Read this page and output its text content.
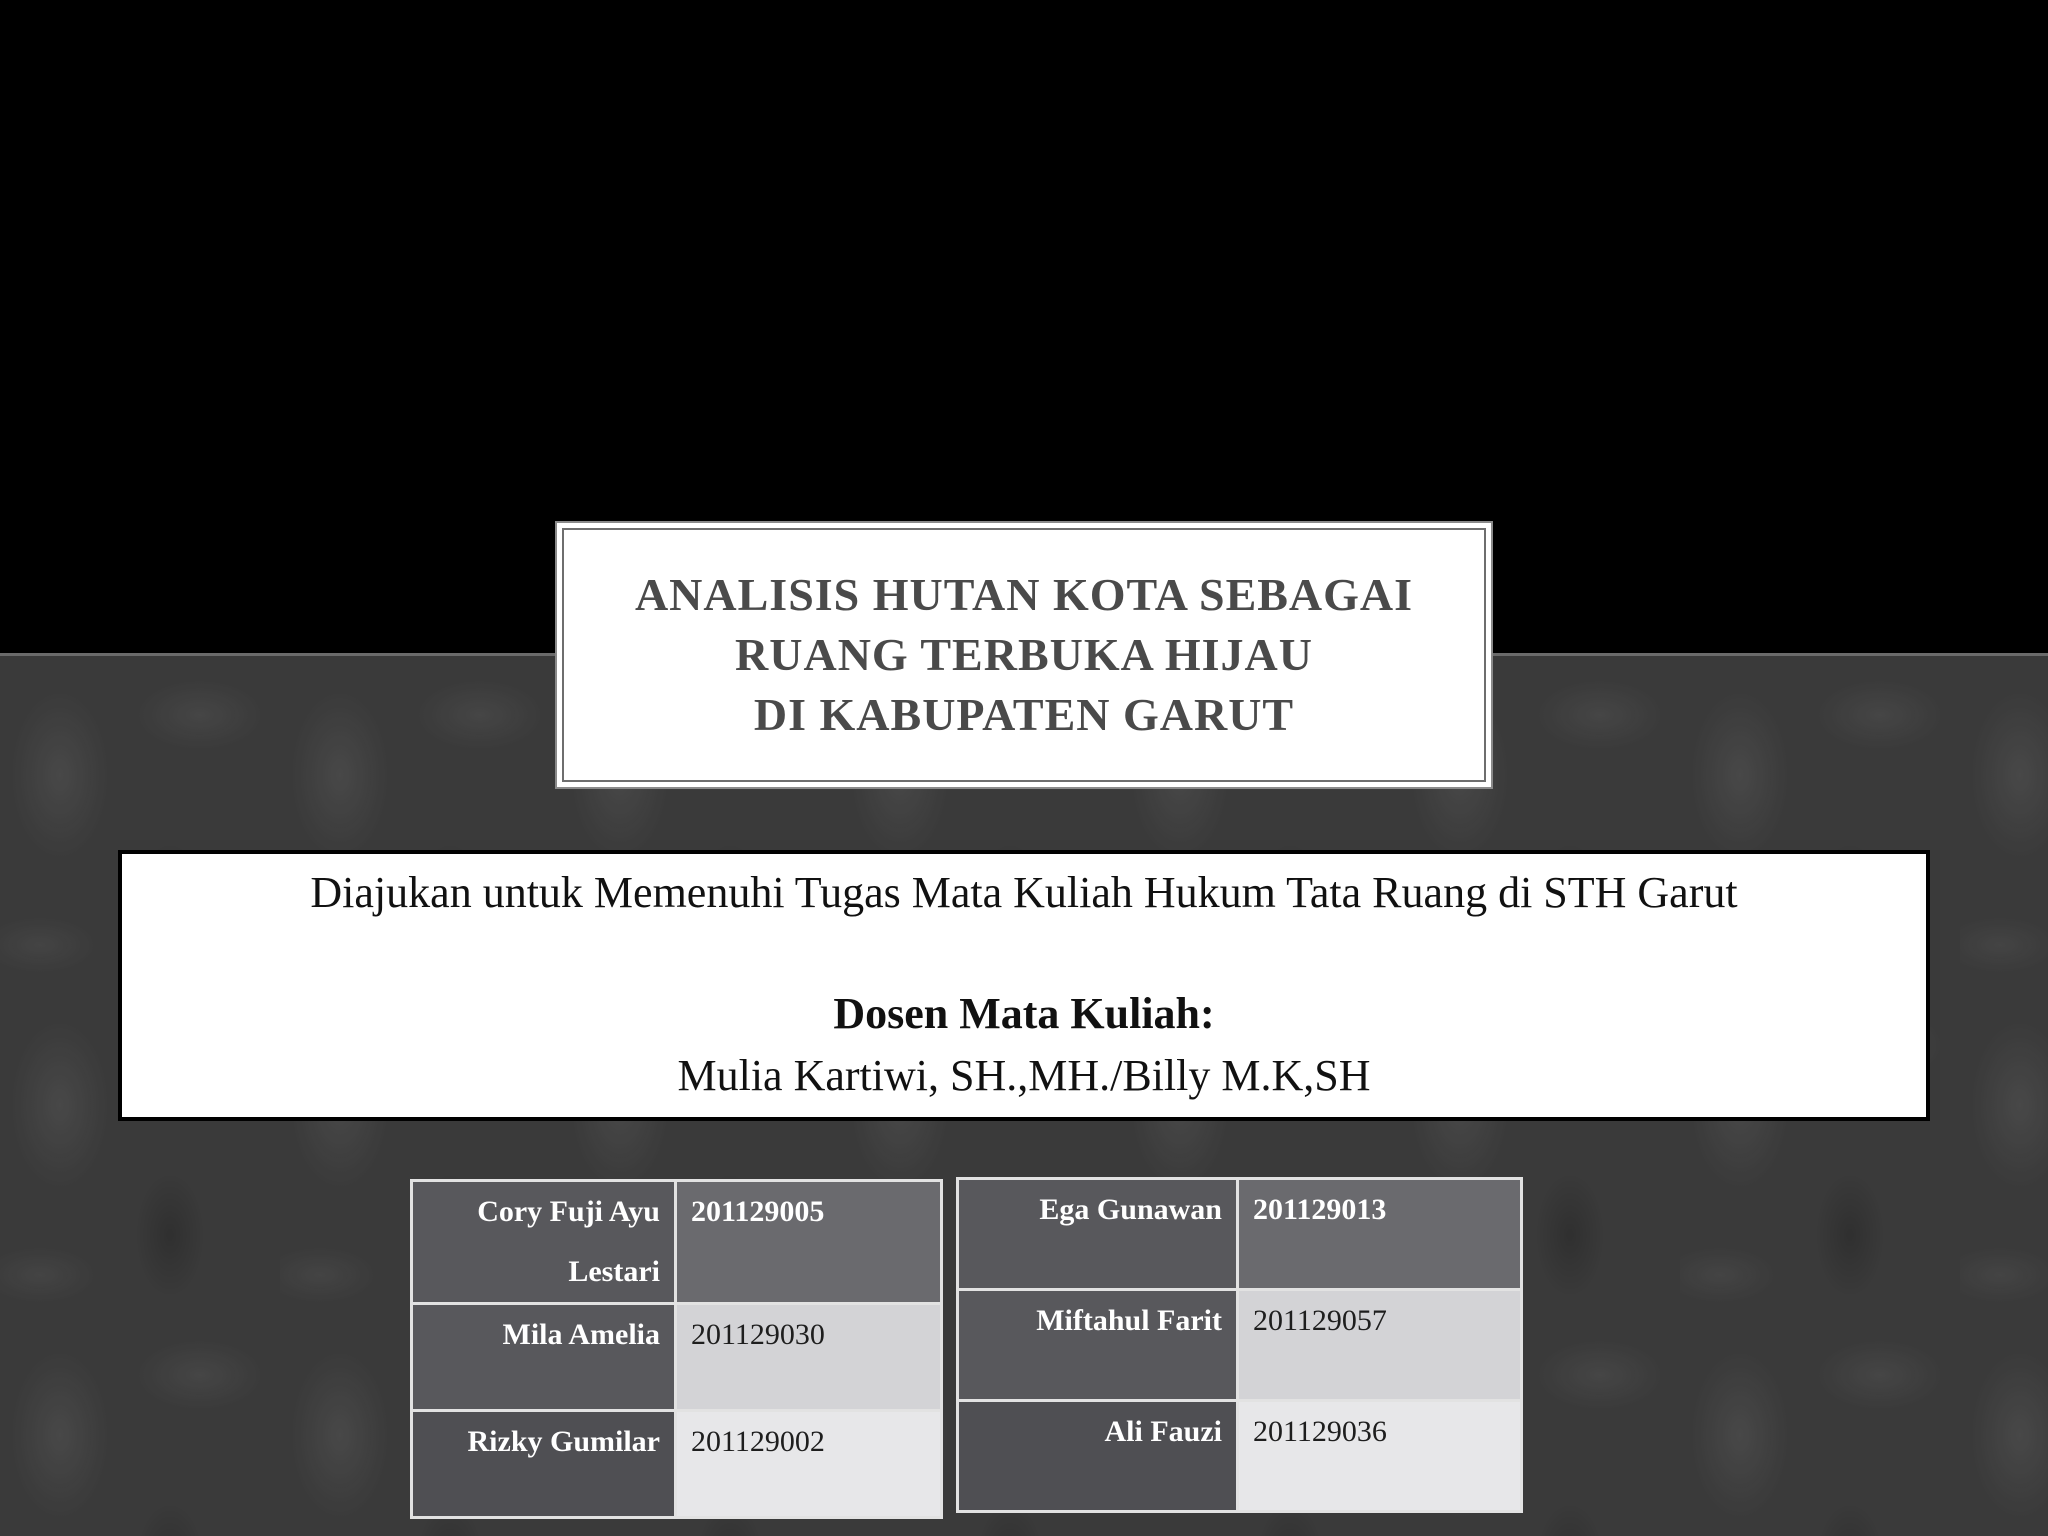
ANALISIS HUTAN KOTA SEBAGAI
RUANG TERBUKA HIJAU
DI KABUPATEN GARUT
Diajukan untuk Memenuhi Tugas Mata Kuliah Hukum Tata Ruang di STH Garut
Dosen Mata Kuliah:
Mulia Kartiwi, SH.,MH./Billy M.K,SH
Cory Fuji Ayu Lestari	201129005
Mila Amelia	201129030
Rizky Gumilar	201129002
Ega Gunawan	201129013
Miftahul Farit	201129057
Ali Fauzi	201129036
